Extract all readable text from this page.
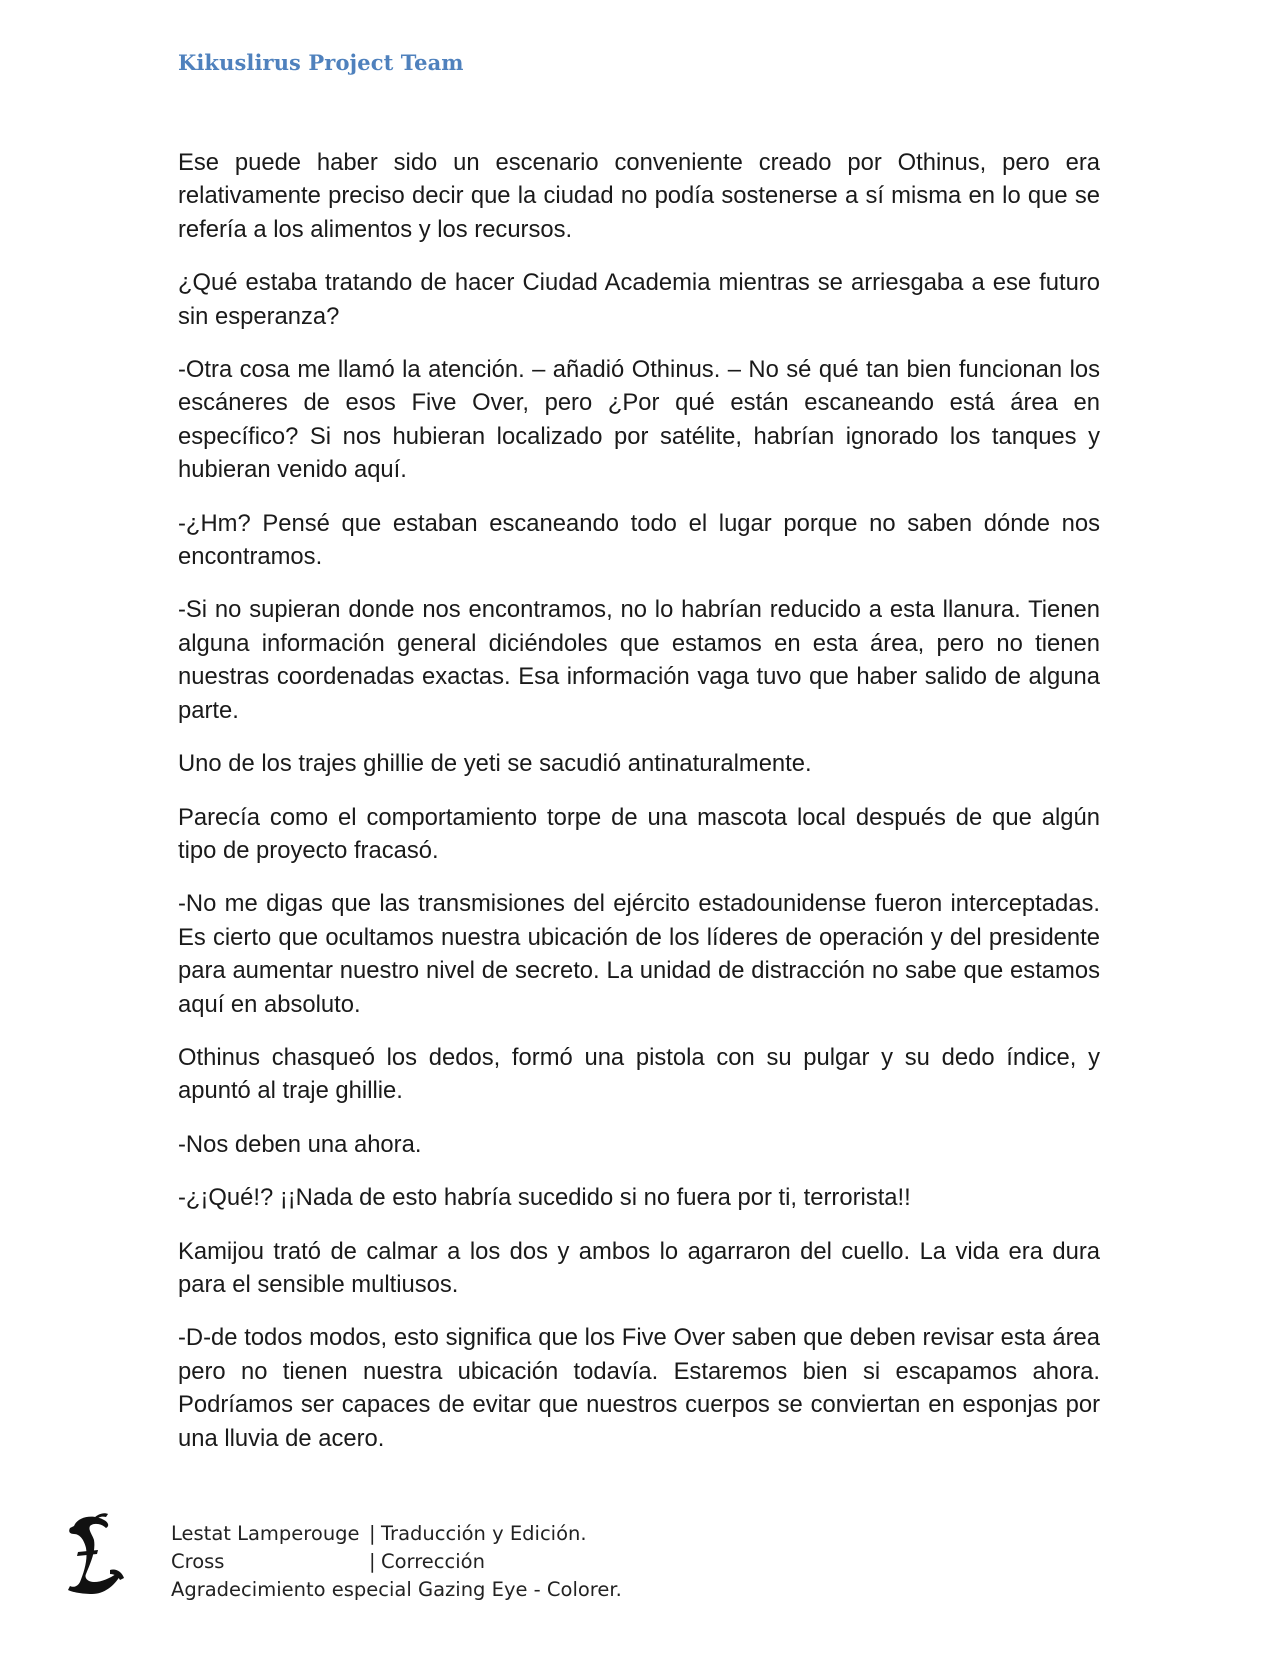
Kikuslirus Project Team

Ese puede haber sido un escenario conveniente creado por Othinus, pero era relativamente preciso decir que la ciudad no podía sostenerse a sí misma en lo que se refería a los alimentos y los recursos.

¿Qué estaba tratando de hacer Ciudad Academia mientras se arriesgaba a ese futuro sin esperanza?

-Otra cosa me llamó la atención. – añadió Othinus. – No sé qué tan bien funcionan los escáneres de esos Five Over, pero ¿Por qué están escaneando está área en específico? Si nos hubieran localizado por satélite, habrían ignorado los tanques y hubieran venido aquí.

-¿Hm? Pensé que estaban escaneando todo el lugar porque no saben dónde nos encontramos.

-Si no supieran donde nos encontramos, no lo habrían reducido a esta llanura. Tienen alguna información general diciéndoles que estamos en esta área, pero no tienen nuestras coordenadas exactas. Esa información vaga tuvo que haber salido de alguna parte.

Uno de los trajes ghillie de yeti se sacudió antinaturalmente.

Parecía como el comportamiento torpe de una mascota local después de que algún tipo de proyecto fracasó.

-No me digas que las transmisiones del ejército estadounidense fueron interceptadas. Es cierto que ocultamos nuestra ubicación de los líderes de operación y del presidente para aumentar nuestro nivel de secreto. La unidad de distracción no sabe que estamos aquí en absoluto.

Othinus chasqueó los dedos, formó una pistola con su pulgar y su dedo índice, y apuntó al traje ghillie.

-Nos deben una ahora.

-¿¡Qué!? ¡¡Nada de esto habría sucedido si no fuera por ti, terrorista!!

Kamijou trató de calmar a los dos y ambos lo agarraron del cuello. La vida era dura para el sensible multiusos.

-D-de todos modos, esto significa que los Five Over saben que deben revisar esta área pero no tienen nuestra ubicación todavía. Estaremos bien si escapamos ahora. Podríamos ser capaces de evitar que nuestros cuerpos se conviertan en esponjas por una lluvia de acero.

Lestat Lamperouge | Traducción y Edición.
Cross	| Corrección
Agradecimiento especial Gazing Eye - Colorer.
